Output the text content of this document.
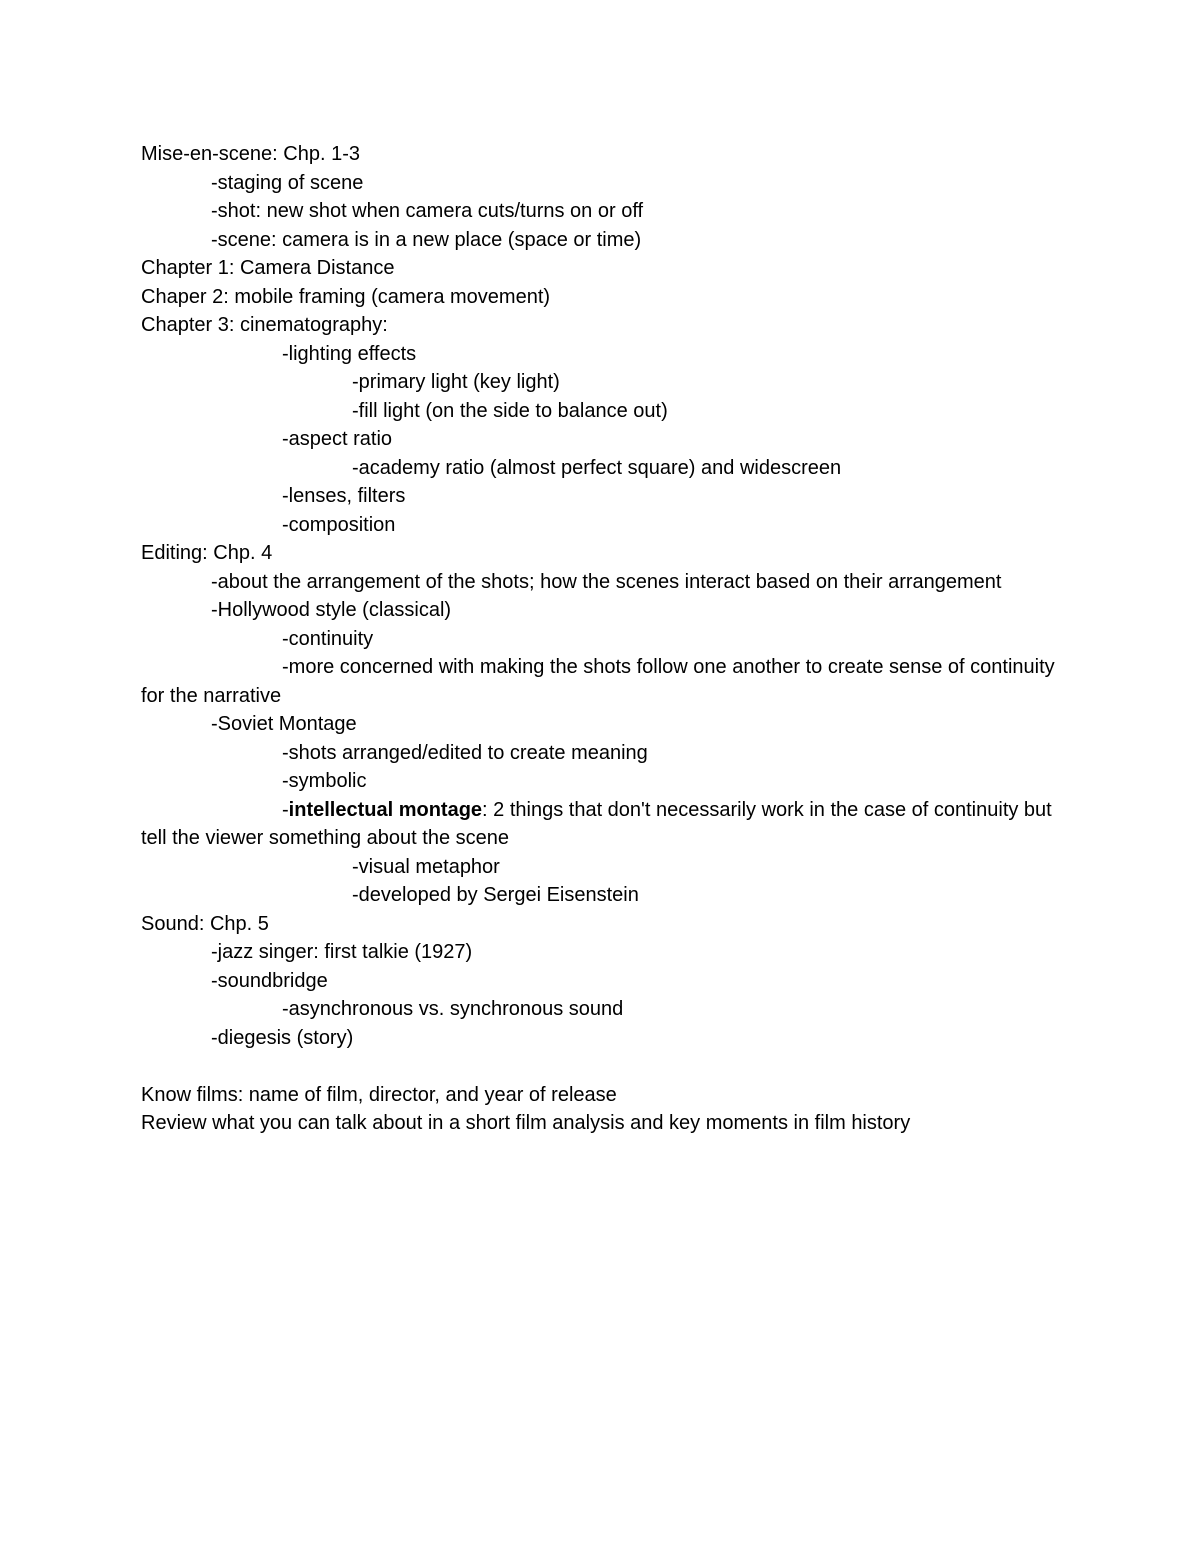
Mise-en-scene: Chp. 1-3
-staging of scene
-shot: new shot when camera cuts/turns on or off
-scene: camera is in a new place (space or time)
Chapter 1: Camera Distance
Chaper 2: mobile framing (camera movement)
Chapter 3: cinematography:
-lighting effects
-primary light (key light)
-fill light (on the side to balance out)
-aspect ratio
-academy ratio (almost perfect square) and widescreen
-lenses, filters
-composition
Editing: Chp. 4
-about the arrangement of the shots; how the scenes interact based on their arrangement
-Hollywood style (classical)
-continuity
-more concerned with making the shots follow one another to create sense of continuity for the narrative
-Soviet Montage
-shots arranged/edited to create meaning
-symbolic
-intellectual montage: 2 things that don't necessarily work in the case of continuity but tell the viewer something about the scene
-visual metaphor
-developed by Sergei Eisenstein
Sound: Chp. 5
-jazz singer: first talkie (1927)
-soundbridge
-asynchronous vs. synchronous sound
-diegesis (story)
Know films: name of film, director, and year of release
Review what you can talk about in a short film analysis and key moments in film history
